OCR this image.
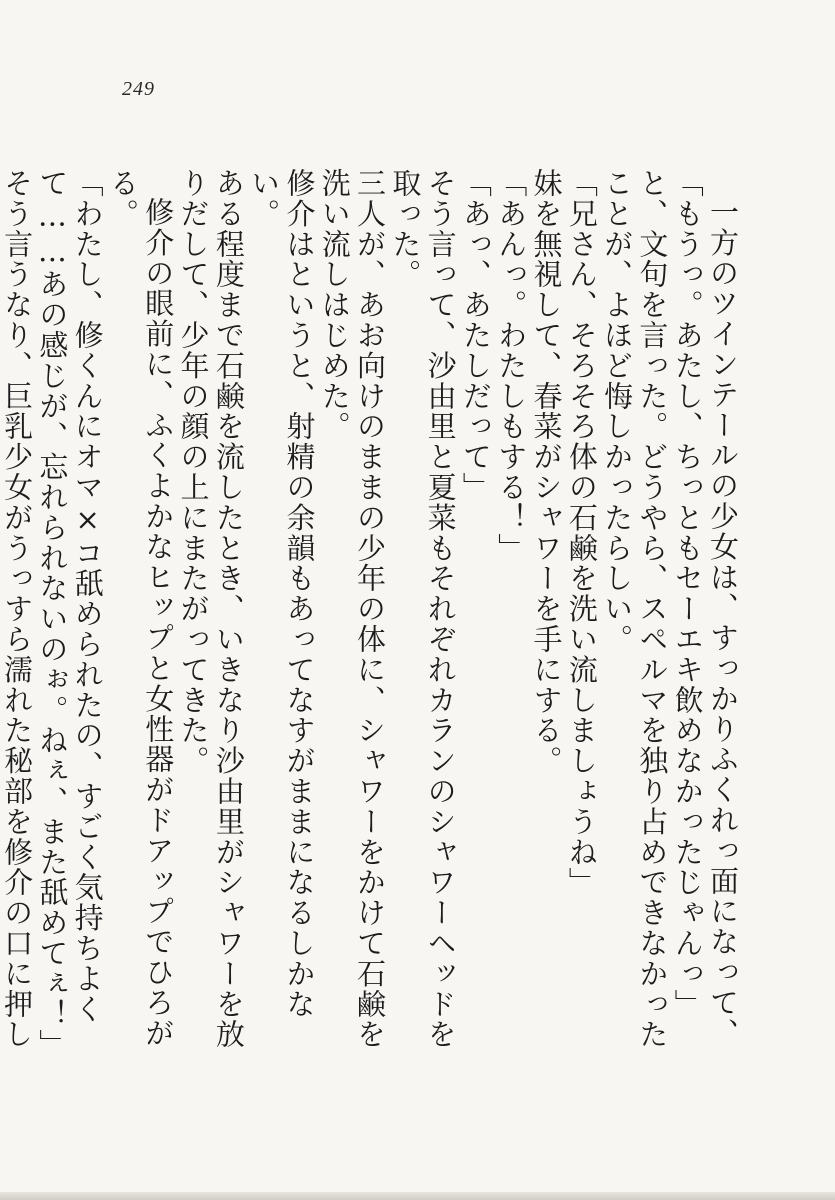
249

一方のツインテールの少女は、すっかりふくれっ面になって、

「もうっ。あたし、ちっともセーエキ飲めなかったじゃんっ」

と、文句を言った。どうやら、スペルマを独り占めできなかったことが、よほど悔しかったらしい。

「兄さん、そろそろ体の石鹸を洗い流しましょうね」

妹を無視して、春菜がシャワーを手にする。

「あんっ。わたしもする！」

「あっ、あたしだって」

そう言って、沙由里と夏菜もそれぞれカランのシャワーヘッドを取った。

三人が、あお向けのままの少年の体に、シャワーをかけて石鹸を洗い流しはじめた。

修介はというと、射精の余韻もあってなすがままになるしかない。

ある程度まで石鹸を流したとき、いきなり沙由里がシャワーを放りだして、少年の顔の上にまたがってきた。

修介の眼前に、ふくよかなヒップと女性器がドアップでひろがる。

「わたし、修くんにオマ×コ舐められたの、すごく気持ちよくて……あの感じが、忘れられないのぉ。ねぇ、また舐めてぇ！」

そう言うなり、巨乳少女がうっすら濡れた秘部を修介の口に押し
